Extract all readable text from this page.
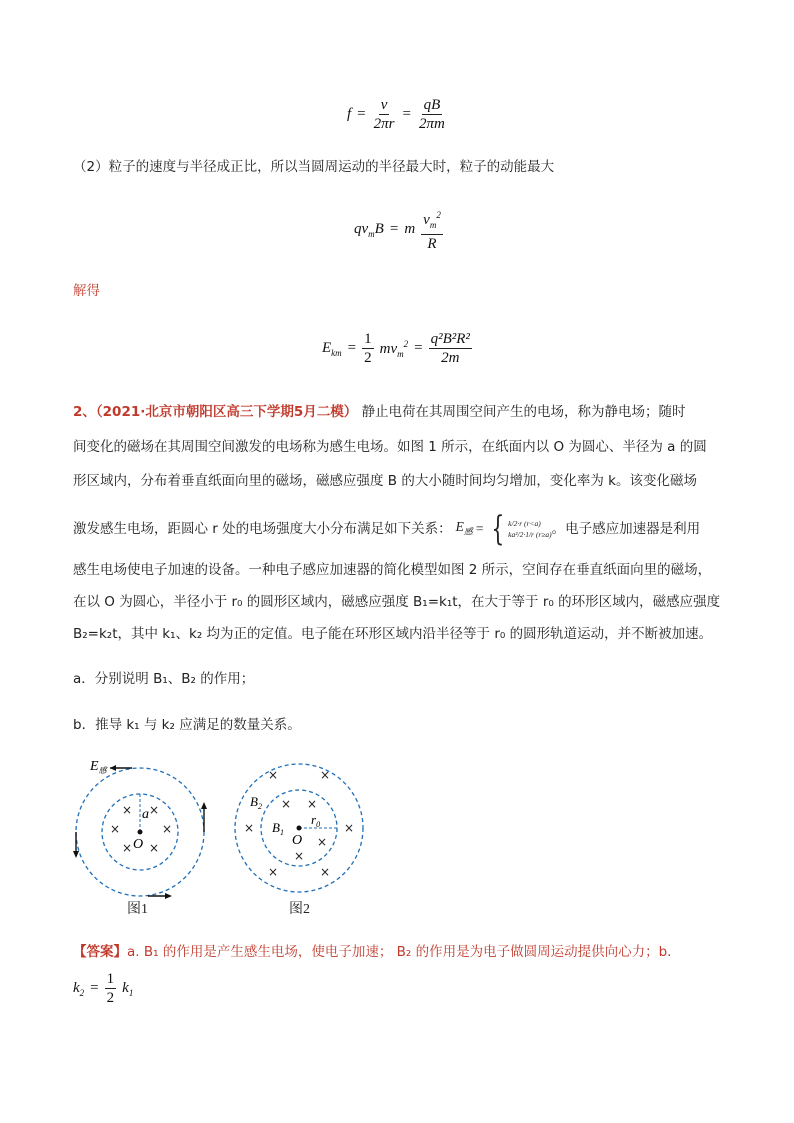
$f = \frac{v}{2\pi r} = \frac{qB}{2\pi m}$
（2）粒子的速度与半径成正比，所以当圆周运动的半径最大时，粒子的动能最大
$qv_mB = m \frac{v_m^2}{R}$
解得
$E_{km} = \frac{1}{2} mv_m^2 = \frac{\text{q²B²R²}}{2m}$
2、（2021·北京市朝阳区高三下学期5月二模） 静止电荷在其周围空间产生的电场，称为静电场；随时
间变化的磁场在其周围空间激发的电场称为感生电场。如图 1 所示，在纸面内以 O 为圆心、半径为 a 的圆
形区域内，分布着垂直纸面向里的磁场，磁感应强度 B 的大小随时间均匀增加，变化率为 k。该变化磁场
激发感生电场，距圆心 r 处的电场强度大小分布满足如下关系： $E_感$ = { k/2·r (r<a)
ka²/2·1/r (r≥a) 。电子感应加速器是利用
感生电场使电子加速的设备。一种电子感应加速器的简化模型如图 2 所示，空间存在垂直纸面向里的磁场，
在以 O 为圆心，半径小于 r₀ 的圆形区域内，磁感应强度 B₁=k₁t，在大于等于 r₀ 的环形区域内，磁感应强度
B₂=k₂t，其中 k₁、k₂ 均为正的定值。电子能在环形区域内沿半径等于 r₀ 的圆形轨道运动，并不断被加速。
a．分别说明 B₁、B₂ 的作用；
b．推导 k₁ 与 k₂ 应满足的数量关系。
$E_感$
a
O
× ×
×	×
× ×
图1
$B_2$
$B_1$
$r_0$
O
×	×
×	×
×	×
× ×
×
×
图2
【答案】a. B₁ 的作用是产生感生电场，使电子加速； B₂ 的作用是为电子做圆周运动提供向心力；b.
$k_2 = \frac{1}{2} k_1$
